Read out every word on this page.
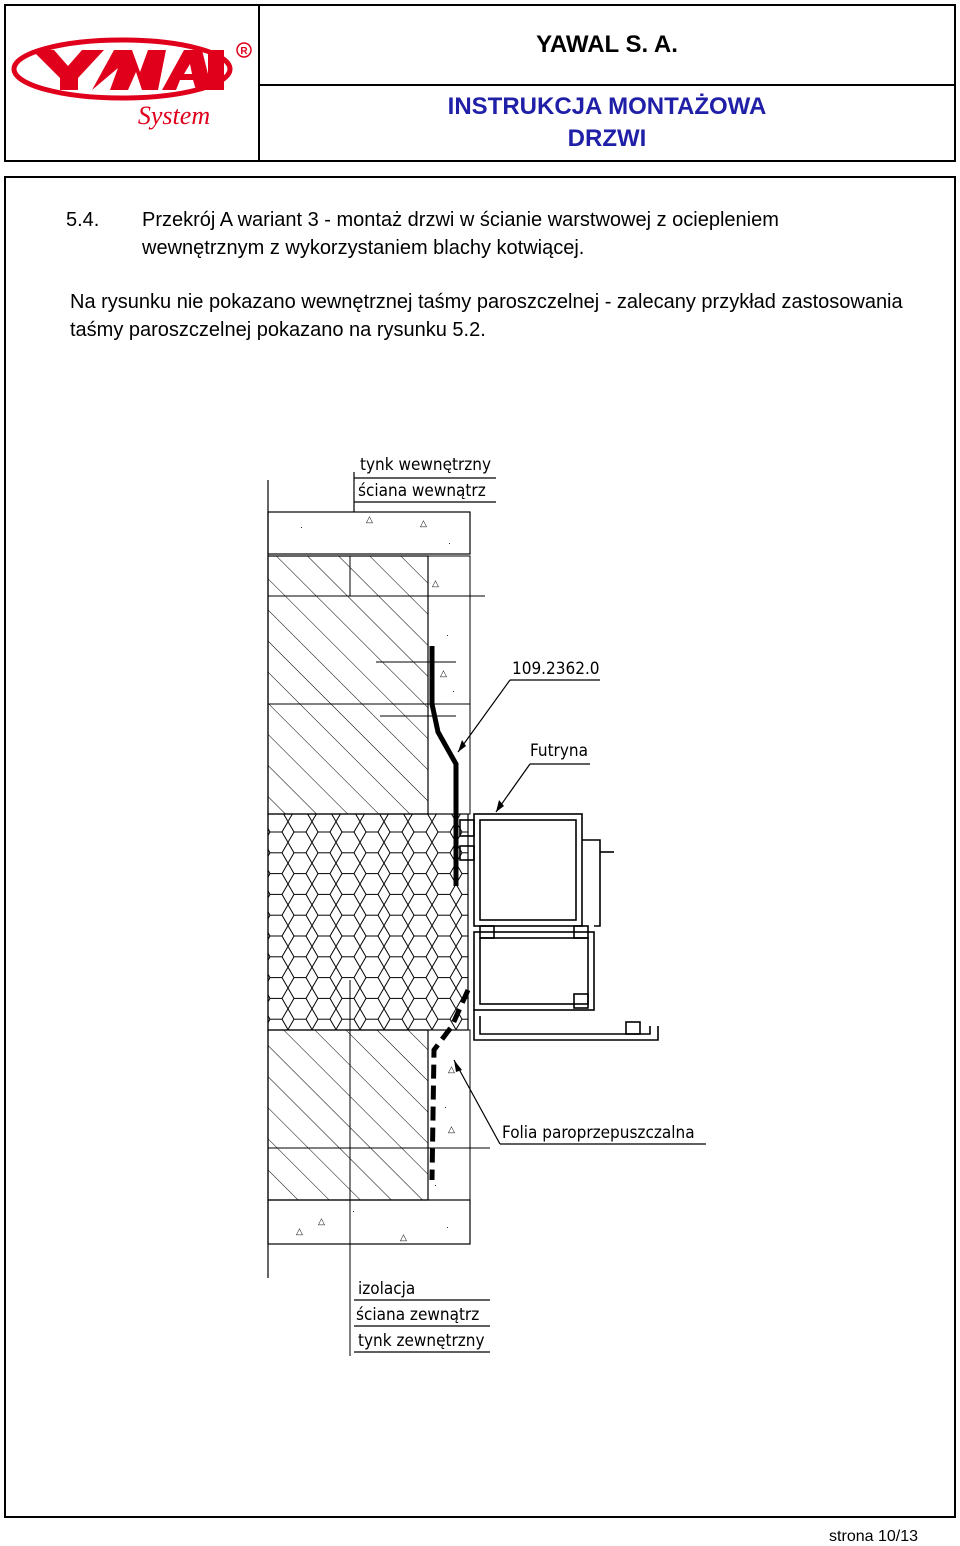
R
System
YAWAL S. A.
INSTRUKCJA MONTAŻOWA
DRZWI
5.4. Przekrój A wariant 3 - montaż drzwi w ścianie warstwowej z ociepleniem wewnętrznym z wykorzystaniem blachy kotwiącej.
Na rysunku nie pokazano wewnętrznej taśmy paroszczelnej - zalecany przykład zastosowania taśmy paroszczelnej pokazano na rysunku 5.2.
·
△	△
·
△
·
△
·
△
·
△
·
△
△
·
△
·
tynk wewnętrzny
ściana wewnątrz
109.2362.0
Futryna
Folia paroprzepuszczalna
izolacja
ściana zewnątrz
tynk zewnętrzny
strona 10/13
